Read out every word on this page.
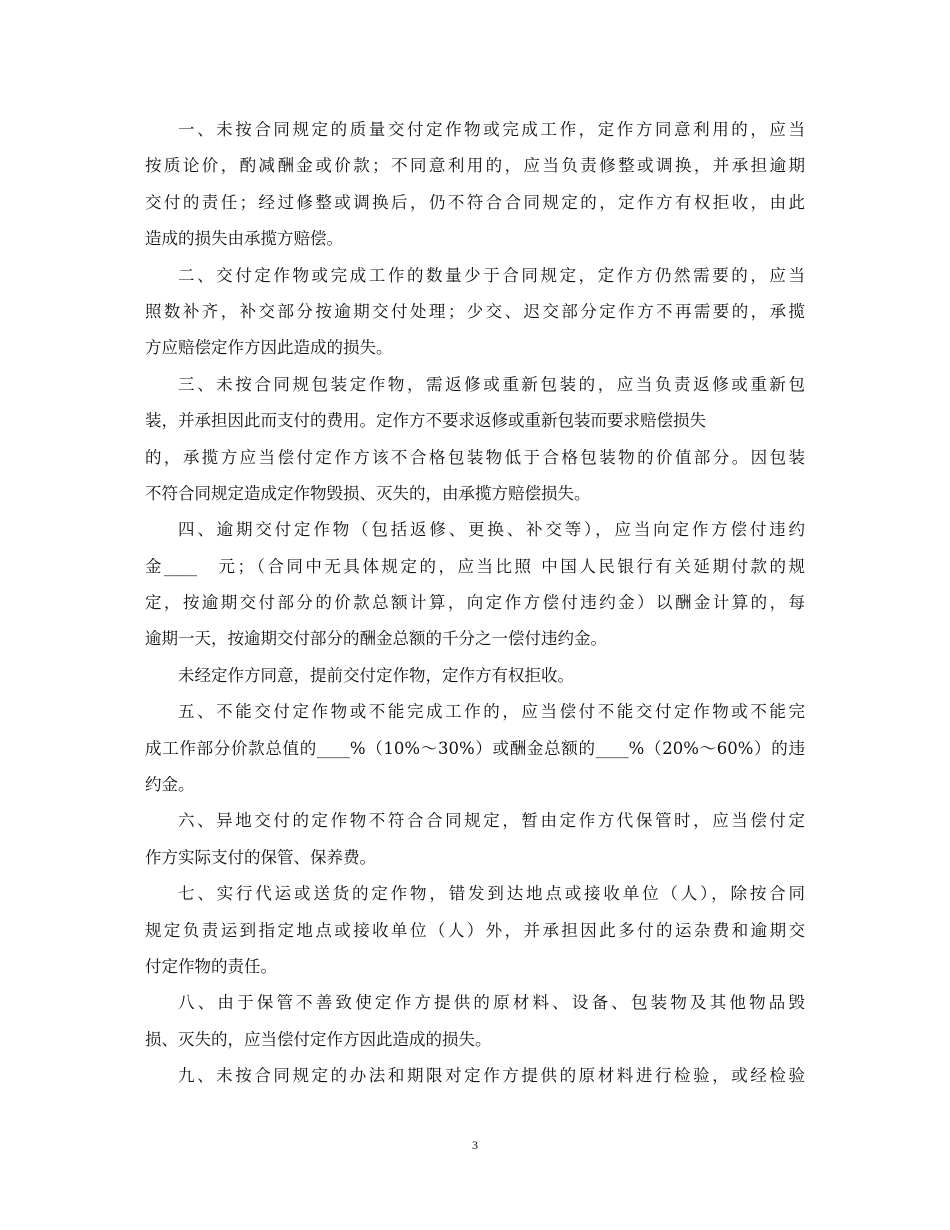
一、未按合同规定的质量交付定作物或完成工作，定作方同意利用的，应当
按质论价，酌减酬金或价款；不同意利用的，应当负责修整或调换，并承担逾期
交付的责任；经过修整或调换后，仍不符合合同规定的，定作方有权拒收，由此
造成的损失由承揽方赔偿。
二、交付定作物或完成工作的数量少于合同规定，定作方仍然需要的，应当
照数补齐，补交部分按逾期交付处理；少交、迟交部分定作方不再需要的，承揽
方应赔偿定作方因此造成的损失。
三、未按合同规包装定作物，需返修或重新包装的，应当负责返修或重新包
装，并承担因此而支付的费用。定作方不要求返修或重新包装而要求赔偿损失
的，承揽方应当偿付定作方该不合格包装物低于合格包装物的价值部分。因包装
不符合同规定造成定作物毁损、灭失的，由承揽方赔偿损失。
四、逾期交付定作物（包括返修、更换、补交等），应当向定作方偿付违约
金____　元；（合同中无具体规定的，应当比照 中国人民银行有关延期付款的规
定，按逾期交付部分的价款总额计算，向定作方偿付违约金）以酬金计算的，每
逾期一天，按逾期交付部分的酬金总额的千分之一偿付违约金。
未经定作方同意，提前交付定作物，定作方有权拒收。
五、不能交付定作物或不能完成工作的，应当偿付不能交付定作物或不能完
成工作部分价款总值的____%（10%～30%）或酬金总额的____%（20%～60%）的违
约金。
六、异地交付的定作物不符合合同规定，暂由定作方代保管时，应当偿付定
作方实际支付的保管、保养费。
七、实行代运或送货的定作物，错发到达地点或接收单位（人），除按合同
规定负责运到指定地点或接收单位（人）外，并承担因此多付的运杂费和逾期交
付定作物的责任。
八、由于保管不善致使定作方提供的原材料、设备、包装物及其他物品毁
损、灭失的，应当偿付定作方因此造成的损失。
九、未按合同规定的办法和期限对定作方提供的原材料进行检验，或经检验
3
